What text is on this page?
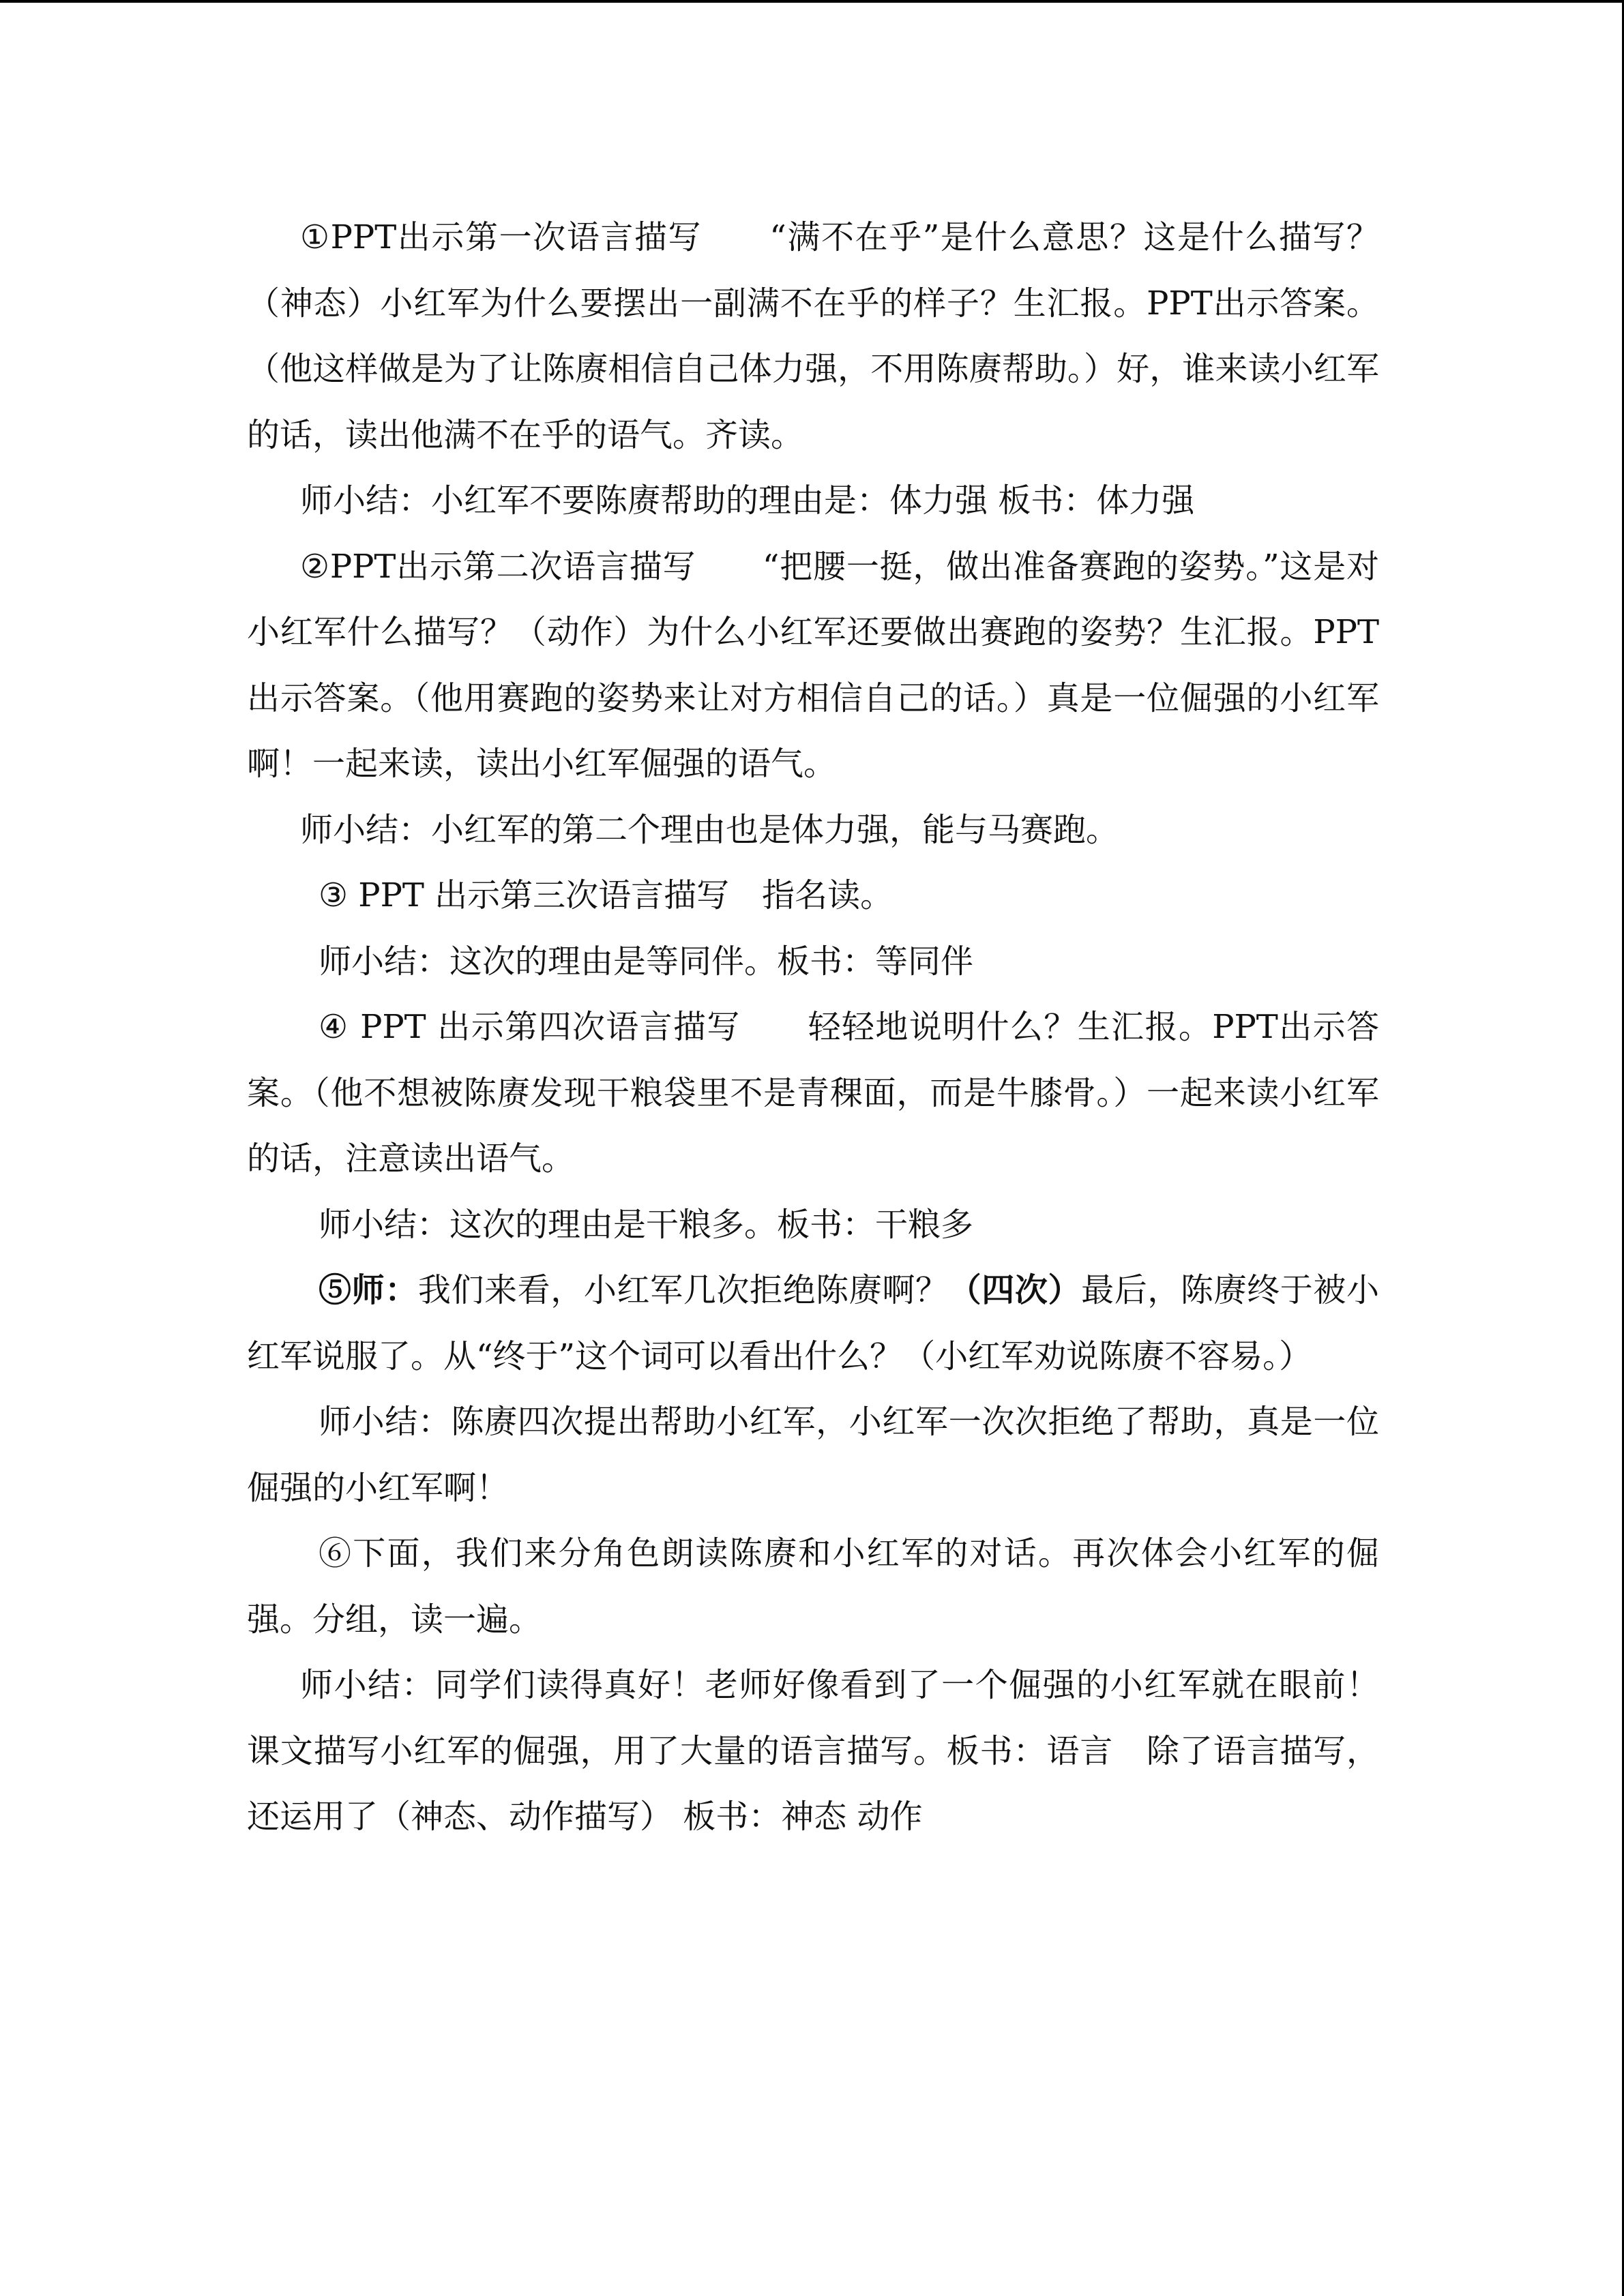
①PPT出示第一次语言描写　　“满不在乎”是什么意思？这是什么描写？（神态）小红军为什么要摆出一副满不在乎的样子？生汇报。PPT出示答案。（他这样做是为了让陈赓相信自己体力强，不用陈赓帮助。）好，谁来读小红军的话，读出他满不在乎的语气。齐读。

师小结：小红军不要陈赓帮助的理由是：体力强 板书：体力强

②PPT出示第二次语言描写　　“把腰一挺，做出准备赛跑的姿势。”这是对小红军什么描写？（动作）为什么小红军还要做出赛跑的姿势？生汇报。PPT出示答案。（他用赛跑的姿势来让对方相信自己的话。）真是一位倔强的小红军啊！一起来读，读出小红军倔强的语气。

师小结：小红军的第二个理由也是体力强，能与马赛跑。

③ PPT 出示第三次语言描写　指名读。

师小结：这次的理由是等同伴。板书：等同伴

④ PPT 出示第四次语言描写　　轻轻地说明什么？生汇报。PPT出示答案。（他不想被陈赓发现干粮袋里不是青稞面，而是牛膝骨。）一起来读小红军的话，注意读出语气。

师小结：这次的理由是干粮多。板书：干粮多

⑤师：我们来看，小红军几次拒绝陈赓啊？（四次）最后，陈赓终于被小红军说服了。从“终于”这个词可以看出什么？（小红军劝说陈赓不容易。）

师小结：陈赓四次提出帮助小红军，小红军一次次拒绝了帮助，真是一位倔强的小红军啊！

⑥下面，我们来分角色朗读陈赓和小红军的对话。再次体会小红军的倔强。分组，读一遍。

师小结：同学们读得真好！老师好像看到了一个倔强的小红军就在眼前！课文描写小红军的倔强，用了大量的语言描写。板书：语言　除了语言描写，还运用了（神态、动作描写） 板书：神态 动作
